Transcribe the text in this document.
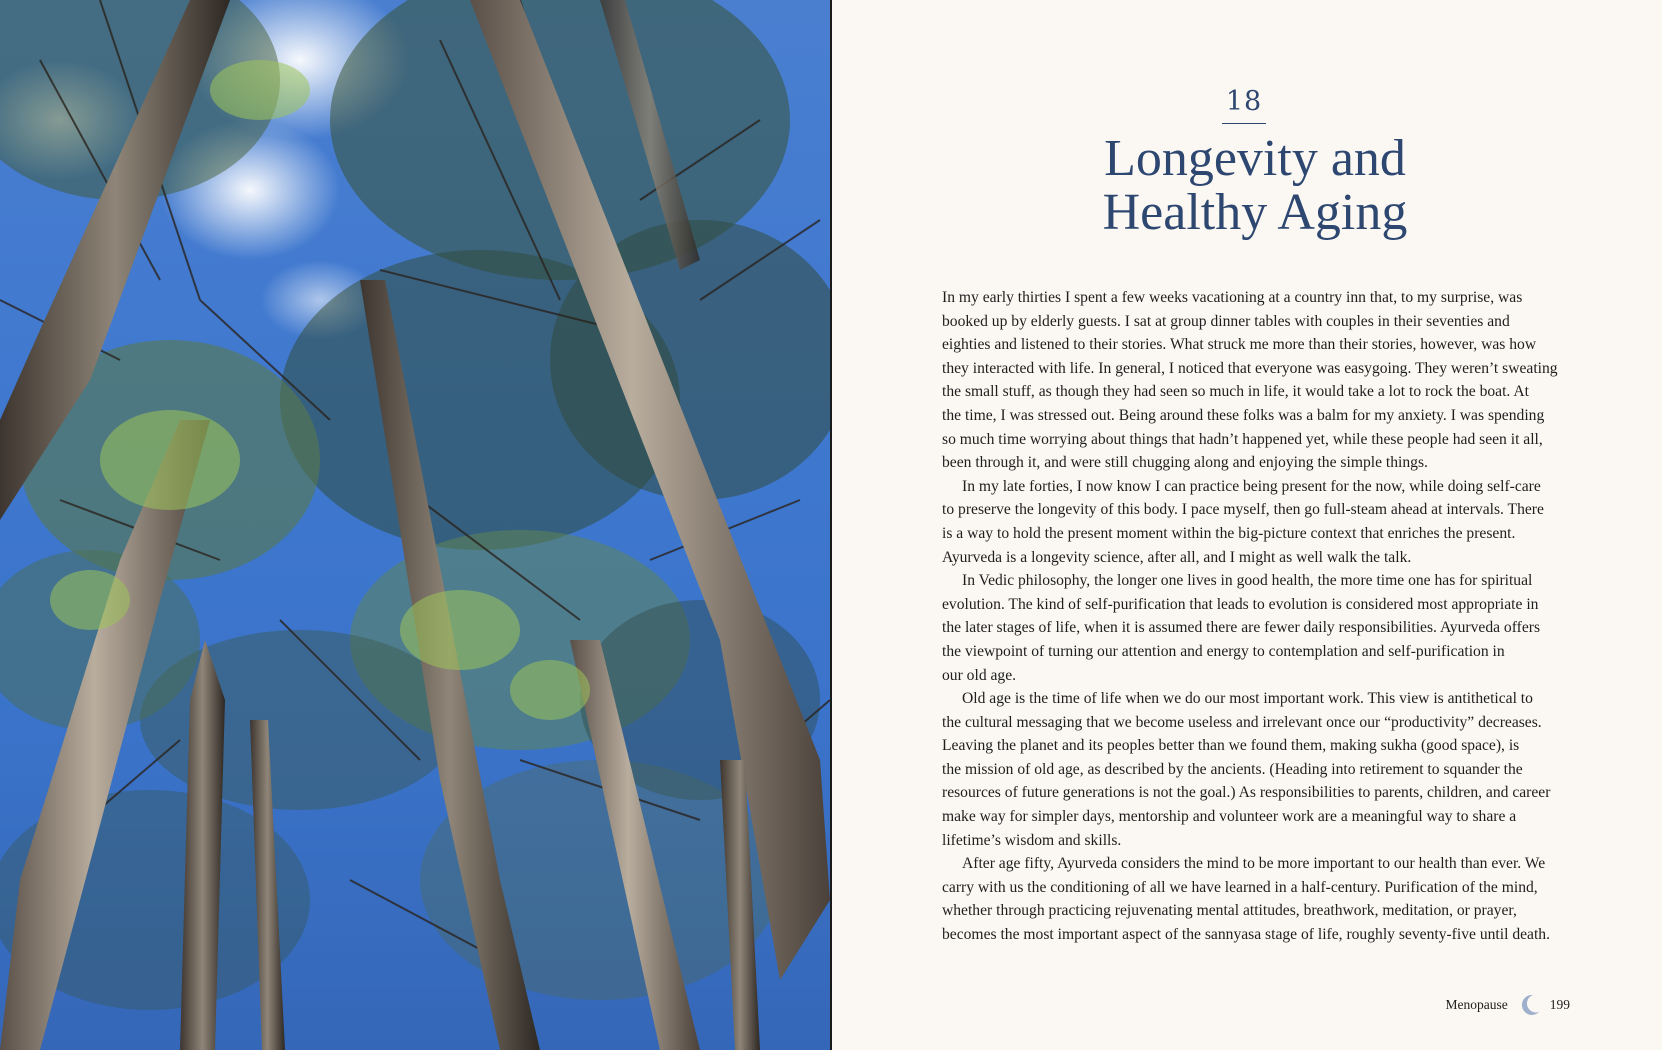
18
Longevity and
Healthy Aging

In my early thirties I spent a few weeks vacationing at a country inn that, to my surprise, was
booked up by elderly guests. I sat at group dinner tables with couples in their seventies and
eighties and listened to their stories. What struck me more than their stories, however, was how
they interacted with life. In general, I noticed that everyone was easygoing. They weren’t sweating
the small stuff, as though they had seen so much in life, it would take a lot to rock the boat. At
the time, I was stressed out. Being around these folks was a balm for my anxiety. I was spending
so much time worrying about things that hadn’t happened yet, while these people had seen it all,
been through it, and were still chugging along and enjoying the simple things.

In my late forties, I now know I can practice being present for the now, while doing self-care
to preserve the longevity of this body. I pace myself, then go full-steam ahead at intervals. There
is a way to hold the present moment within the big-picture context that enriches the present.
Ayurveda is a longevity science, after all, and I might as well walk the talk.

In Vedic philosophy, the longer one lives in good health, the more time one has for spiritual
evolution. The kind of self-purification that leads to evolution is considered most appropriate in
the later stages of life, when it is assumed there are fewer daily responsibilities. Ayurveda offers
the viewpoint of turning our attention and energy to contemplation and self-purification in
our old age.

Old age is the time of life when we do our most important work. This view is antithetical to
the cultural messaging that we become useless and irrelevant once our “productivity” decreases.
Leaving the planet and its peoples better than we found them, making sukha (good space), is
the mission of old age, as described by the ancients. (Heading into retirement to squander the
resources of future generations is not the goal.) As responsibilities to parents, children, and career
make way for simpler days, mentorship and volunteer work are a meaningful way to share a
lifetime’s wisdom and skills.

After age fifty, Ayurveda considers the mind to be more important to our health than ever. We
carry with us the conditioning of all we have learned in a half-century. Purification of the mind,
whether through practicing rejuvenating mental attitudes, breathwork, meditation, or prayer,
becomes the most important aspect of the sannyasa stage of life, roughly seventy-five until death.

Menopause	199
